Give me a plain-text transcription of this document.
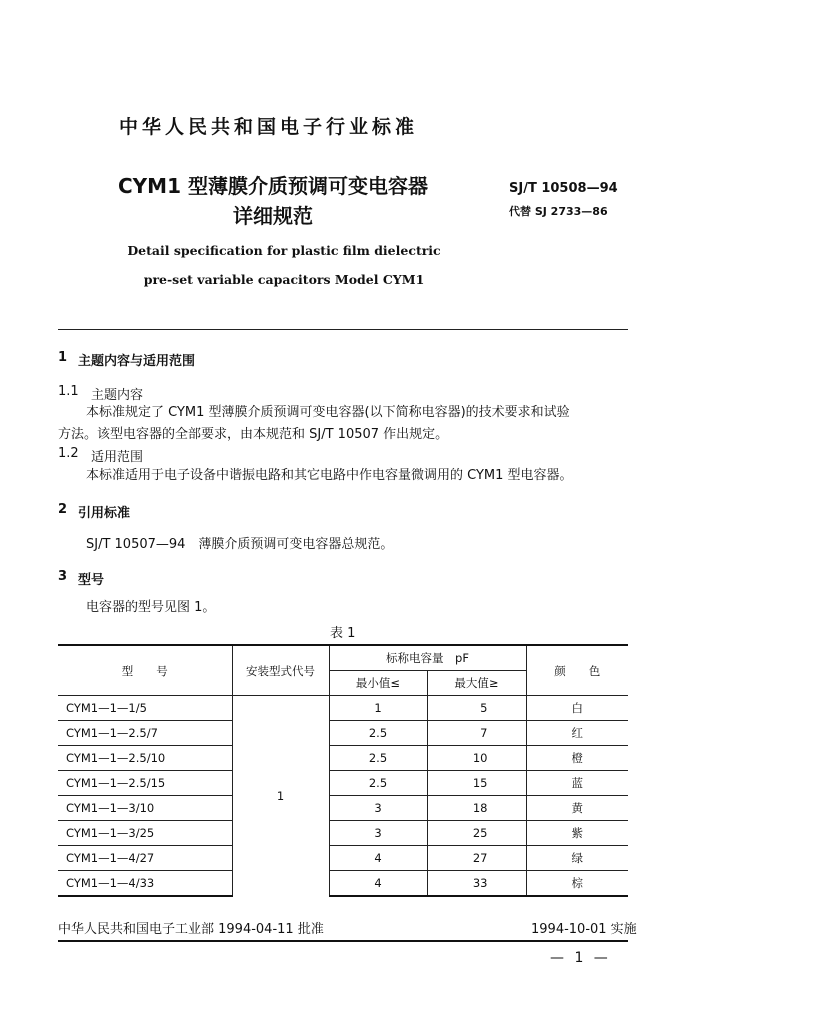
中华人民共和国电子行业标准
CYM1 型薄膜介质预调可变电容器
详细规范
SJ/T 10508—94
代替 SJ 2733—86
Detail specification for plastic film dielectric
pre-set variable capacitors Model CYM1
1 主题内容与适用范围
1.1 主题内容
本标准规定了 CYM1 型薄膜介质预调可变电容器(以下简称电容器)的技术要求和试验
方法。该型电容器的全部要求，由本规范和 SJ/T 10507 作出规定。
1.2 适用范围
本标准适用于电子设备中谐振电路和其它电路中作电容量微调用的 CYM1 型电容器。
2 引用标准
SJ/T 10507—94　薄膜介质预调可变电容器总规范。
3 型号
电容器的型号见图 1。
表 1
型　　号	安装型式代号	标称电容量　pF		颜　　色
		最小值≤	最大值≥	
CYM1—1—1/5	1	1	5	白
CYM1—1—2.5/7		2.5	7	红
CYM1—1—2.5/10		2.5	10	橙
CYM1—1—2.5/15		2.5	15	蓝
CYM1—1—3/10		3	18	黄
CYM1—1—3/25		3	25	紫
CYM1—1—4/27		4	27	绿
CYM1—1—4/33		4	33	棕
中华人民共和国电子工业部 1994-04-11 批准	1994-10-01 实施
— 1 —
